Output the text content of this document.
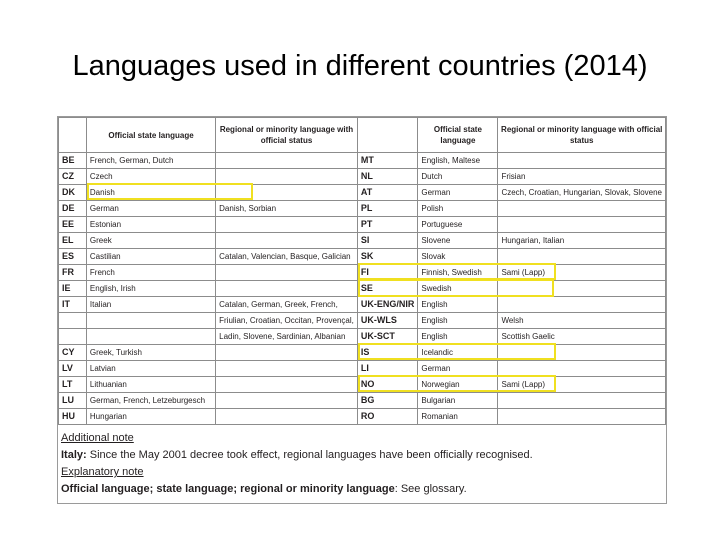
Languages used in different countries (2014)
	Official state language	Regional or minority language with official status		Official state language	Regional or minority language with official status
BE	French, German, Dutch		MT	English, Maltese	
CZ	Czech		NL	Dutch	Frisian
DK	Danish		AT	German	Czech, Croatian, Hungarian, Slovak, Slovene
DE	German	Danish, Sorbian	PL	Polish	
EE	Estonian		PT	Portuguese	
EL	Greek		SI	Slovene	Hungarian, Italian
ES	Castilian	Catalan, Valencian, Basque, Galician	SK	Slovak	
FR	French		FI	Finnish, Swedish	Sami (Lapp)
IE	English, Irish		SE	Swedish	
IT	Italian	Catalan, German, Greek, French,	UK-ENG/NIR	English	
		Friulian, Croatian, Occitan, Provençal,	UK-WLS	English	Welsh
		Ladin, Slovene, Sardinian, Albanian	UK-SCT	English	Scottish Gaelic
CY	Greek, Turkish		IS	Icelandic	
LV	Latvian		LI	German	
LT	Lithuanian		NO	Norwegian	Sami (Lapp)
LU	German, French, Letzeburgesch		BG	Bulgarian	
HU	Hungarian		RO	Romanian	
Additional note
Italy: Since the May 2001 decree took effect, regional languages have been officially recognised.
Explanatory note
Official language; state language; regional or minority language: See glossary.
